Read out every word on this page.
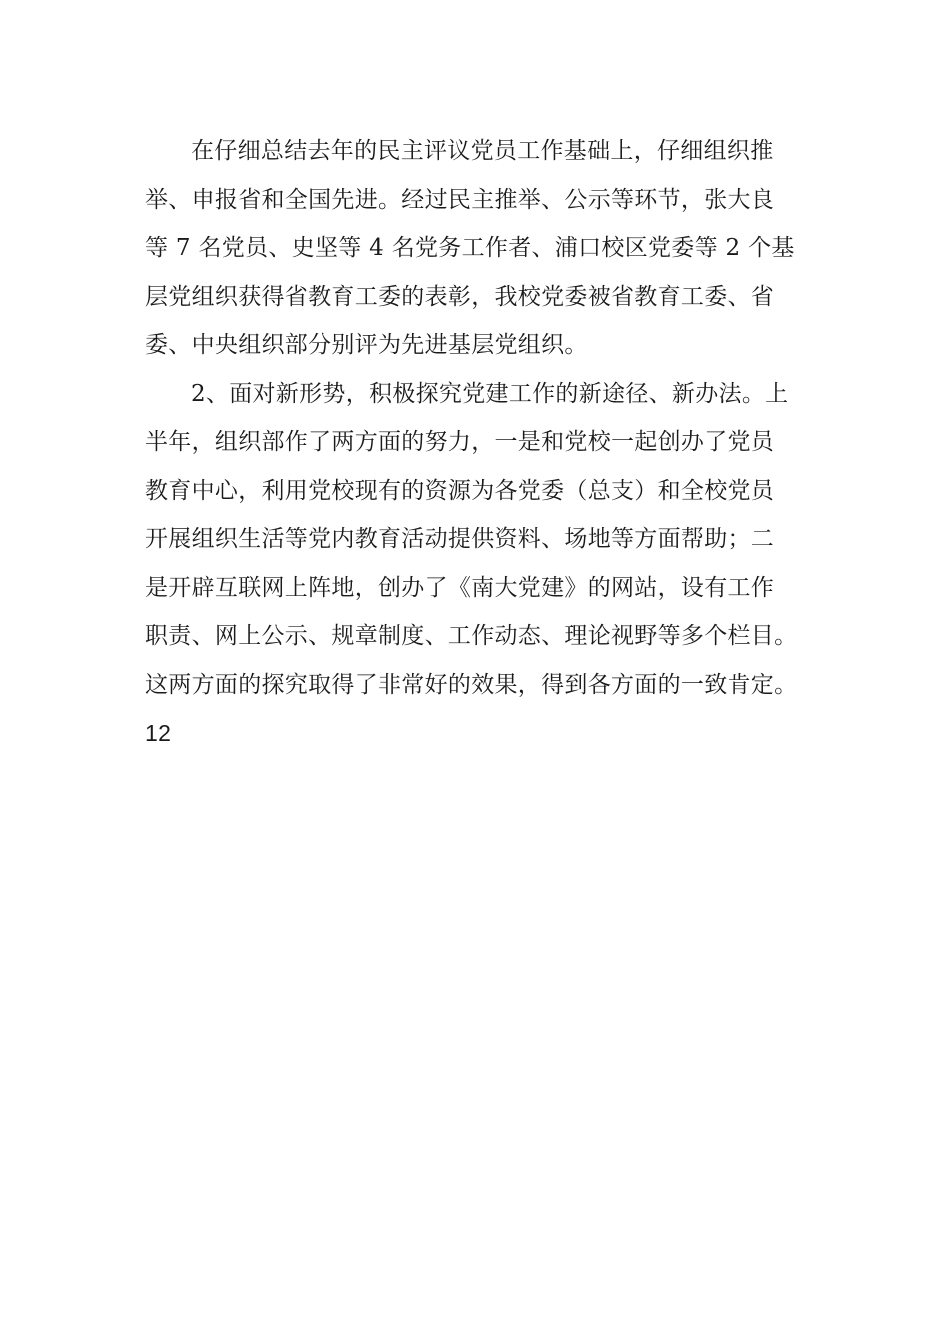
在仔细总结去年的民主评议党员工作基础上，仔细组织推
举、申报省和全国先进。经过民主推举、公示等环节，张大良
等 7 名党员、史坚等 4 名党务工作者、浦口校区党委等 2 个基
层党组织获得省教育工委的表彰，我校党委被省教育工委、省
委、中央组织部分别评为先进基层党组织。
2、面对新形势，积极探究党建工作的新途径、新办法。上
半年，组织部作了两方面的努力，一是和党校一起创办了党员
教育中心，利用党校现有的资源为各党委（总支）和全校党员
开展组织生活等党内教育活动提供资料、场地等方面帮助；二
是开辟互联网上阵地，创办了《南大党建》的网站，设有工作
职责、网上公示、规章制度、工作动态、理论视野等多个栏目。
这两方面的探究取得了非常好的效果，得到各方面的一致肯定。
12
